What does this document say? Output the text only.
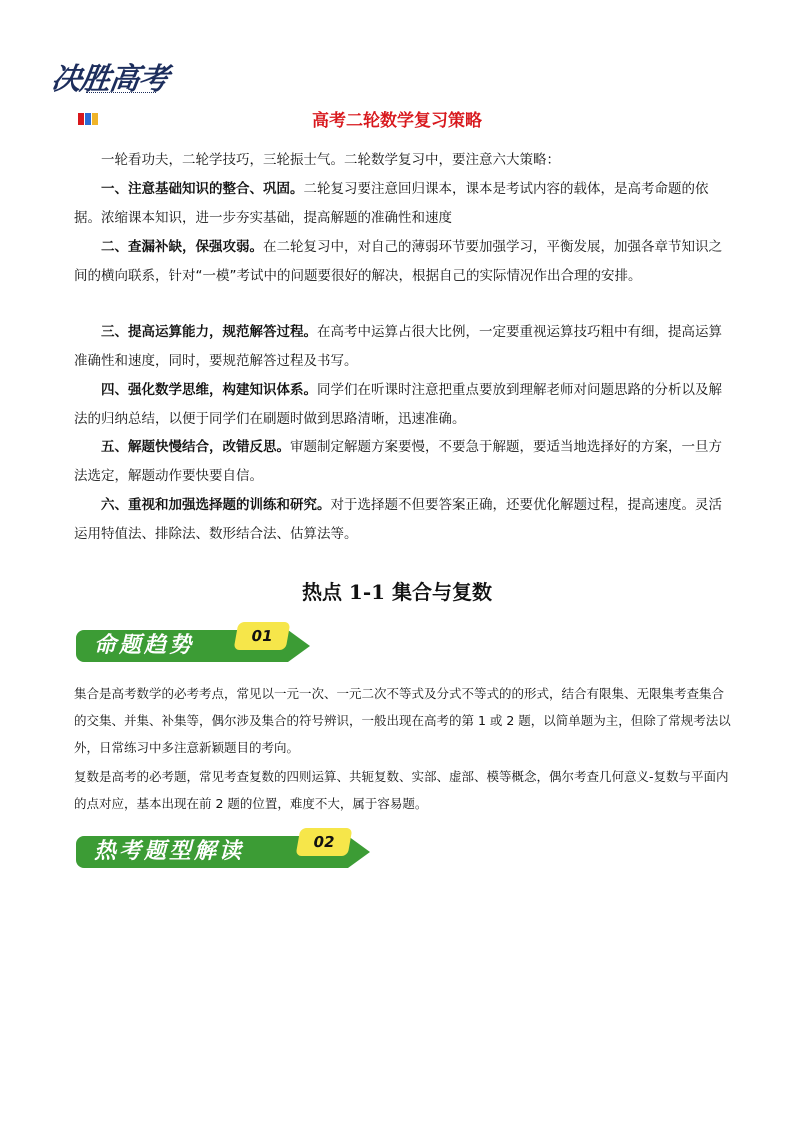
决胜高考
高考二轮数学复习策略
一轮看功夫，二轮学技巧，三轮振士气。二轮数学复习中，要注意六大策略：
一、注意基础知识的整合、巩固。二轮复习要注意回归课本，课本是考试内容的载体，是高考命题的依据。浓缩课本知识，进一步夯实基础，提高解题的准确性和速度
二、查漏补缺，保强攻弱。在二轮复习中，对自己的薄弱环节要加强学习，平衡发展，加强各章节知识之间的横向联系，针对“一模”考试中的问题要很好的解决，根据自己的实际情况作出合理的安排。
三、提高运算能力，规范解答过程。在高考中运算占很大比例，一定要重视运算技巧粗中有细，提高运算准确性和速度，同时，要规范解答过程及书写。
四、强化数学思维，构建知识体系。同学们在听课时注意把重点要放到理解老师对问题思路的分析以及解法的归纳总结，以便于同学们在刷题时做到思路清晰，迅速准确。
五、解题快慢结合，改错反思。审题制定解题方案要慢，不要急于解题，要适当地选择好的方案，一旦方法选定，解题动作要快要自信。
六、重视和加强选择题的训练和研究。对于选择题不但要答案正确，还要优化解题过程，提高速度。灵活运用特值法、排除法、数形结合法、估算法等。
热点 1-1 集合与复数
命题趋势	01
集合是高考数学的必考考点，常见以一元一次、一元二次不等式及分式不等式的的形式，结合有限集、无限集考查集合的交集、并集、补集等，偶尔涉及集合的符号辨识，一般出现在高考的第 1 或 2 题，以简单题为主，但除了常规考法以外，日常练习中多注意新颖题目的考向。
复数是高考的必考题，常见考查复数的四则运算、共轭复数、实部、虚部、模等概念，偶尔考查几何意义-复数与平面内的点对应，基本出现在前 2 题的位置，难度不大，属于容易题。
热考题型解读	02
